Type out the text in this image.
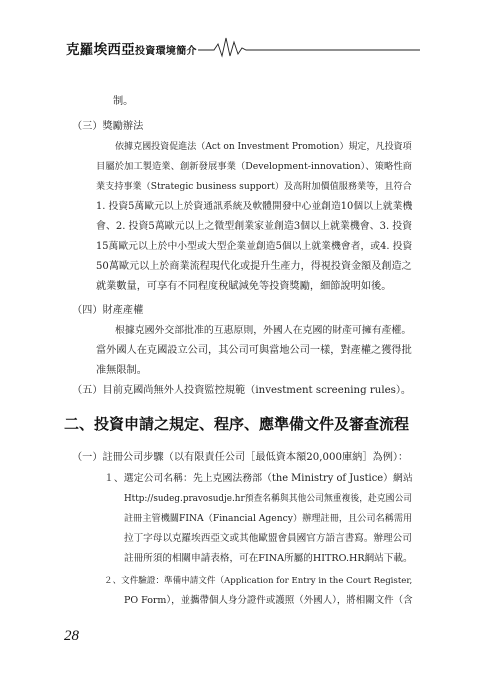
克羅埃西亞投資環境簡介
制。
（三）獎勵辦法
依據克國投資促進法（Act on Investment Promotion）規定，凡投資項
目屬於加工製造業、創新發展事業（Development-innovation）、策略性商
業支持事業（Strategic business support）及高附加價值服務業等，且符合
1. 投資5萬歐元以上於資通訊系統及軟體開發中心並創造10個以上就業機
會、2. 投資5萬歐元以上之微型創業家並創造3個以上就業機會、3. 投資
15萬歐元以上於中小型或大型企業並創造5個以上就業機會者，或4. 投資
50萬歐元以上於商業流程現代化或提升生產力，得視投資金額及創造之
就業數量，可享有不同程度稅賦減免等投資獎勵，細節說明如後。
（四）財產產權
根據克國外交部批准的互惠原則，外國人在克國的財產可擁有產權。
當外國人在克國設立公司，其公司可與當地公司一樣，對產權之獲得批
准無限制。
（五）目前克國尚無外人投資監控規範（investment screening rules）。
二、投資申請之規定、程序、應準備文件及審查流程
（一）註冊公司步驟（以有限責任公司［最低資本額20,000庫納］為例）：
１、選定公司名稱：先上克國法務部（the Ministry of Justice）網站
Http://sudeg.pravosudje.hr預查名稱與其他公司無重複後，赴克國公司
註冊主管機關FINA（Financial Agency）辦理註冊，且公司名稱需用
拉丁字母以克羅埃西亞文或其他歐盟會員國官方語言書寫。辦理公司
註冊所須的相關申請表格，可在FINA所屬的HITRO.HR網站下載。
２、文件驗證：準備申請文件（Application for Entry in the Court Register,
PO Form），並攜帶個人身分證件或護照（外國人），將相關文件（含
28
